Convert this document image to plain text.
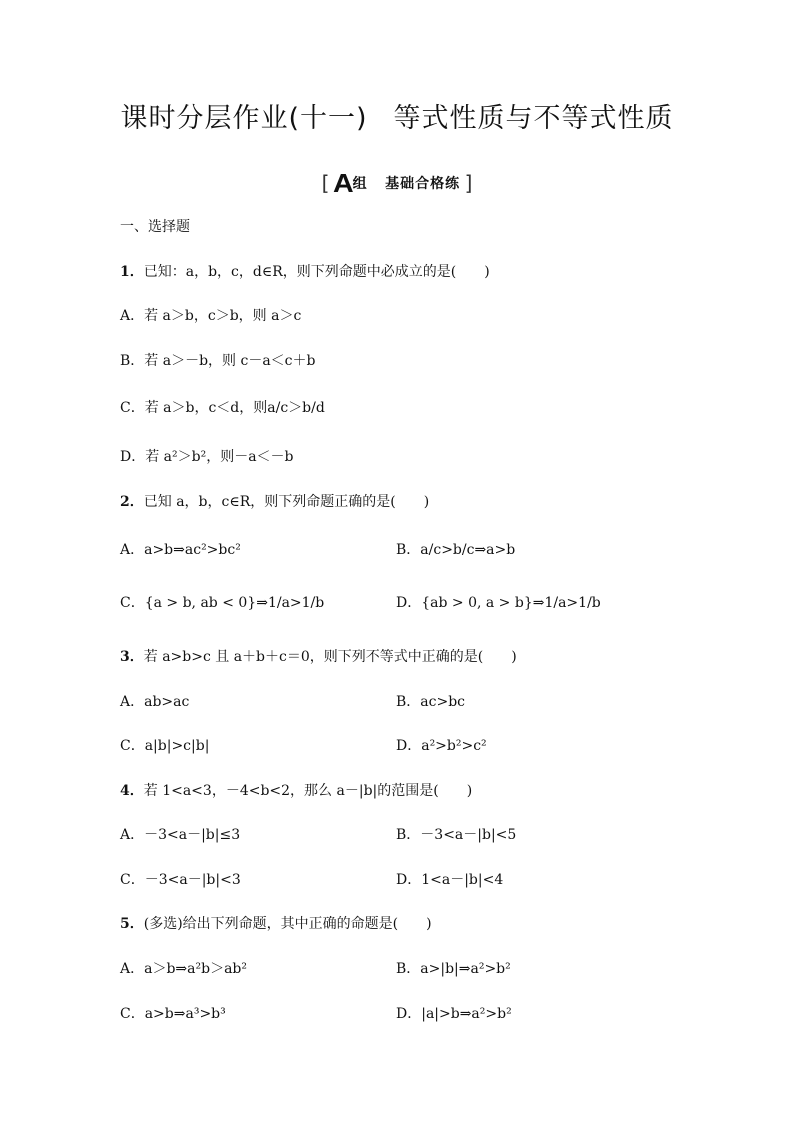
课时分层作业(十一) 等式性质与不等式性质
[ A组 基础合格练 ]
一、选择题
1．已知：a，b，c，d∈R，则下列命题中必成立的是(　　)
A．若 a＞b，c＞b，则 a＞c
B．若 a＞－b，则 c－a＜c＋b
C．若 a＞b，c＜d，则a/c＞b/d
D．若 a²＞b²，则－a＜－b
2．已知 a，b，c∈R，则下列命题正确的是(　　)
A．a>b⇒ac²>bc²	B．a/c>b/c⇒a>b
C．{a > b, ab < 0}⇒1/a>1/b	D．{ab > 0, a > b}⇒1/a>1/b
3．若 a>b>c 且 a＋b＋c＝0，则下列不等式中正确的是(　　)
A．ab>ac	B．ac>bc
C．a|b|>c|b|	D．a²>b²>c²
4．若 1<a<3，－4<b<2，那么 a－|b|的范围是(　　)
A．－3<a－|b|≤3	B．－3<a－|b|<5
C．－3<a－|b|<3	D．1<a－|b|<4
5．(多选)给出下列命题，其中正确的命题是(　　)
A．a＞b⇒a²b＞ab²	B．a>|b|⇒a²>b²
C．a>b⇒a³>b³	D．|a|>b⇒a²>b²
